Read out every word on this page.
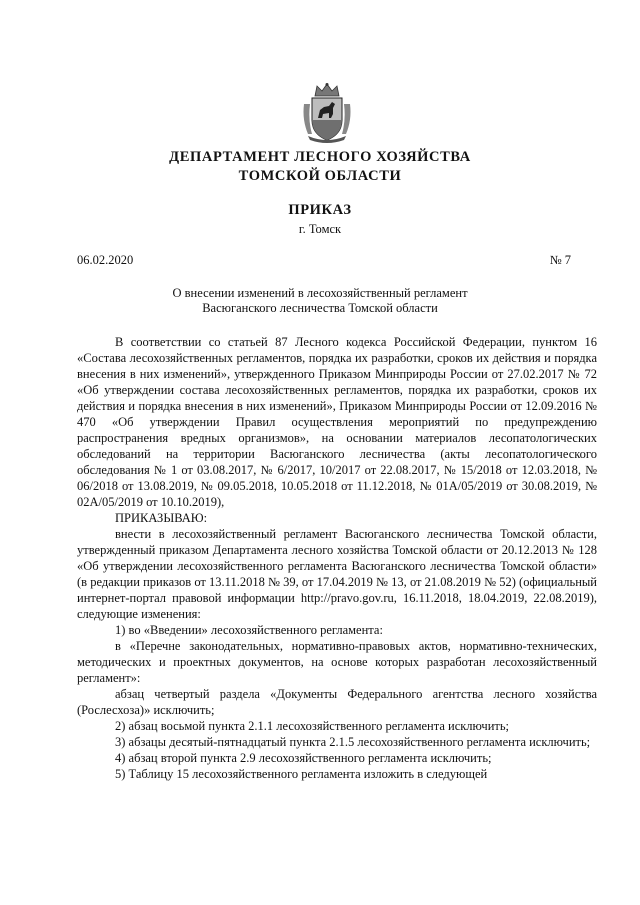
ДЕПАРТАМЕНТ ЛЕСНОГО ХОЗЯЙСТВА
ТОМСКОЙ ОБЛАСТИ
ПРИКАЗ
г. Томск
06.02.2020	№ 7
О внесении изменений в лесохозяйственный регламент
Васюганского лесничества Томской области

В соответствии со статьей 87 Лесного кодекса Российской Федерации, пунктом 16 «Состава лесохозяйственных регламентов, порядка их разработки, сроков их действия и порядка внесения в них изменений», утвержденного Приказом Минприроды России от 27.02.2017 № 72 «Об утверждении состава лесохозяйственных регламентов, порядка их разработки, сроков их действия и порядка внесения в них изменений», Приказом Минприроды России от 12.09.2016 № 470 «Об утверждении Правил осуществления мероприятий по предупреждению распространения вредных организмов», на основании материалов лесопатологических обследований на территории Васюганского лесничества (акты лесопатологического обследования № 1 от 03.08.2017, № 6/2017, 10/2017 от 22.08.2017, № 15/2018 от 12.03.2018, № 06/2018 от 13.08.2019, № 09.05.2018, 10.05.2018 от 11.12.2018, № 01А/05/2019 от 30.08.2019, № 02А/05/2019 от 10.10.2019),

ПРИКАЗЫВАЮ:

внести в лесохозяйственный регламент Васюганского лесничества Томской области, утвержденный приказом Департамента лесного хозяйства Томской области от 20.12.2013 № 128 «Об утверждении лесохозяйственного регламента Васюганского лесничества Томской области» (в редакции приказов от 13.11.2018 № 39, от 17.04.2019 № 13, от 21.08.2019 № 52) (официальный интернет-портал правовой информации http://pravo.gov.ru, 16.11.2018, 18.04.2019, 22.08.2019), следующие изменения:

1) во «Введении» лесохозяйственного регламента:

в «Перечне законодательных, нормативно-правовых актов, нормативно-технических, методических и проектных документов, на основе которых разработан лесохозяйственный регламент»:

абзац четвертый раздела «Документы Федерального агентства лесного хозяйства (Рослесхоза)» исключить;

2) абзац восьмой пункта 2.1.1 лесохозяйственного регламента исключить;

3) абзацы десятый-пятнадцатый пункта 2.1.5 лесохозяйственного регламента исключить;

4) абзац второй пункта 2.9 лесохозяйственного регламента исключить;

5) Таблицу 15 лесохозяйственного регламента изложить в следующей
